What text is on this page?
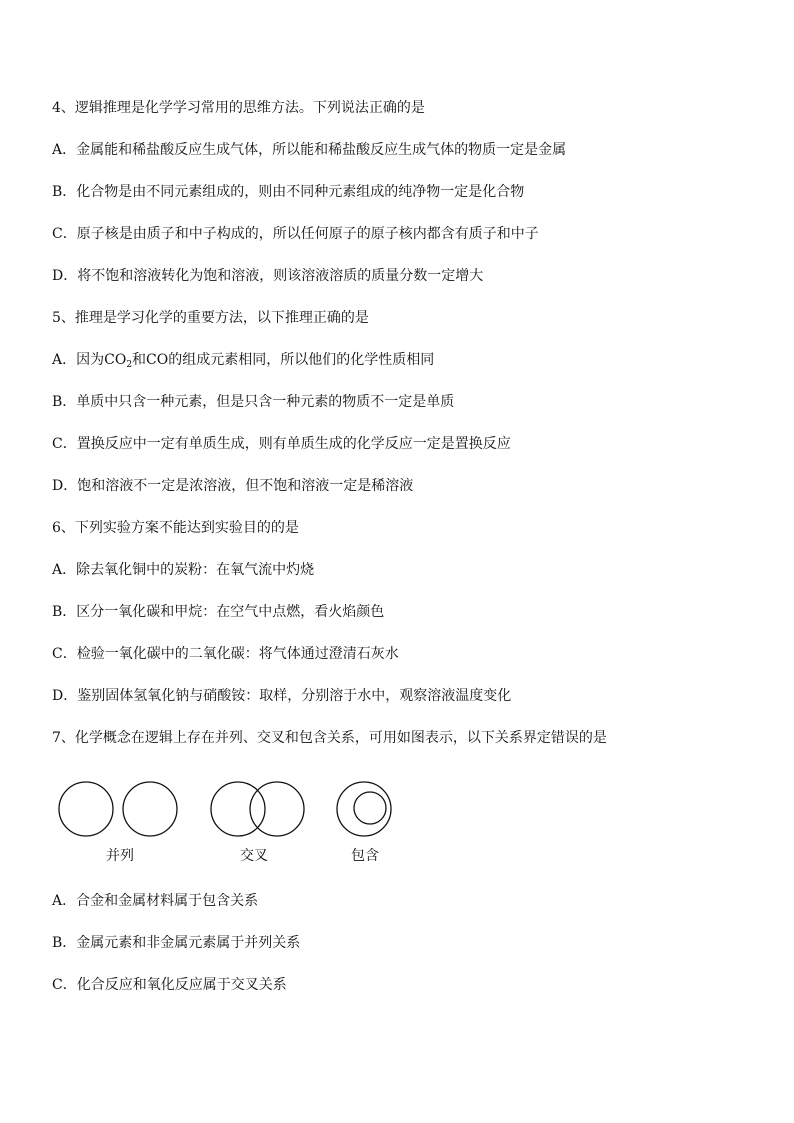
4、逻辑推理是化学学习常用的思维方法。下列说法正确的是
A．金属能和稀盐酸反应生成气体，所以能和稀盐酸反应生成气体的物质一定是金属
B．化合物是由不同元素组成的，则由不同种元素组成的纯净物一定是化合物
C．原子核是由质子和中子构成的，所以任何原子的原子核内都含有质子和中子
D．将不饱和溶液转化为饱和溶液，则该溶液溶质的质量分数一定增大
5、推理是学习化学的重要方法，以下推理正确的是
A．因为$CO_2$和CO的组成元素相同，所以他们的化学性质相同
B．单质中只含一种元素，但是只含一种元素的物质不一定是单质
C．置换反应中一定有单质生成，则有单质生成的化学反应一定是置换反应
D．饱和溶液不一定是浓溶液，但不饱和溶液一定是稀溶液
6、下列实验方案不能达到实验目的的是
A．除去氧化铜中的炭粉：在氧气流中灼烧
B．区分一氧化碳和甲烷：在空气中点燃，看火焰颜色
C．检验一氧化碳中的二氧化碳：将气体通过澄清石灰水
D．鉴别固体氢氧化钠与硝酸铵：取样，分别溶于水中，观察溶液温度变化
7、化学概念在逻辑上存在并列、交叉和包含关系，可用如图表示，以下关系界定错误的是
并列	交叉	包含
A．合金和金属材料属于包含关系
B．金属元素和非金属元素属于并列关系
C．化合反应和氧化反应属于交叉关系
